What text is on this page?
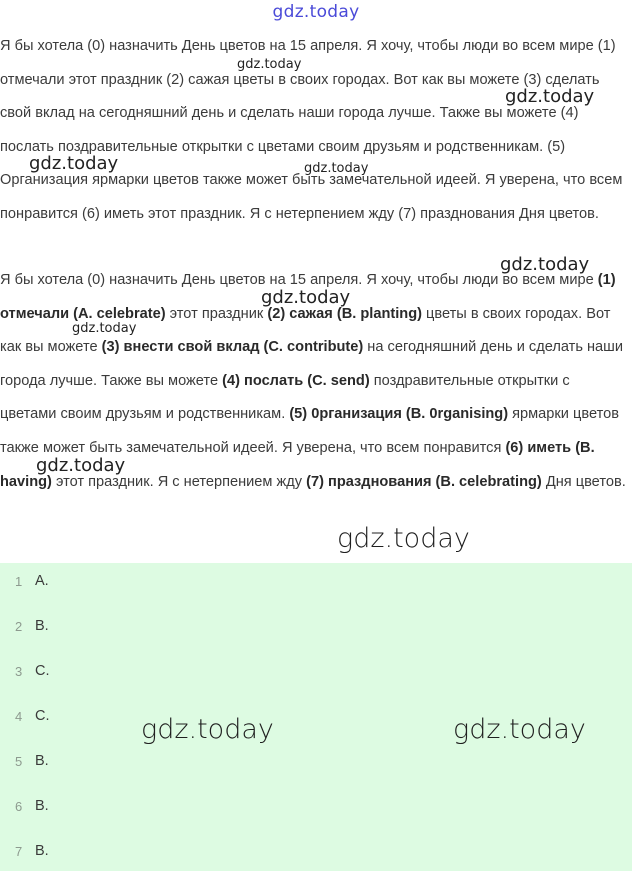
gdz.today

Я бы хотела (0) назначить День цветов на 15 апреля. Я хочу, чтобы люди во всем мире (1) отмечали этот праздник (2) сажая цветы в своих городах. Вот как вы можете (3) сделать свой вклад на сегодняшний день и сделать наши города лучше. Также вы можете (4) послать поздравительные открытки с цветами своим друзьям и родственникам. (5) Организация ярмарки цветов также может быть замечательной идеей. Я уверена, что всем понравится (6) иметь этот праздник. Я с нетерпением жду (7) празднования Дня цветов.

Я бы хотела (0) назначить День цветов на 15 апреля. Я хочу, чтобы люди во всем мире (1) отмечали (A. celebrate) этот праздник (2) сажая (B. planting) цветы в своих городах. Вот как вы можете (3) внести свой вклад (C. contribute) на сегодняшний день и сделать наши города лучше. Также вы можете (4) послать (C. send) поздравительные открытки с цветами своим друзьям и родственникам. (5) 0рганизация (B. 0rganising) ярмарки цветов также может быть замечательной идеей. Я уверена, что всем понравится (6) иметь (B. having) этот праздник. Я с нетерпением жду (7) празднования (B. celebrating) Дня цветов.

1 A.
2 B.
3 C.
4 C.
5 B.
6 B.
7 B.
gdz.today
gdz.today
gdz.today	gdz.today
gdz.today
gdz.today
gdz.today
gdz.today
gdz.today
gdz.today	gdz.today
